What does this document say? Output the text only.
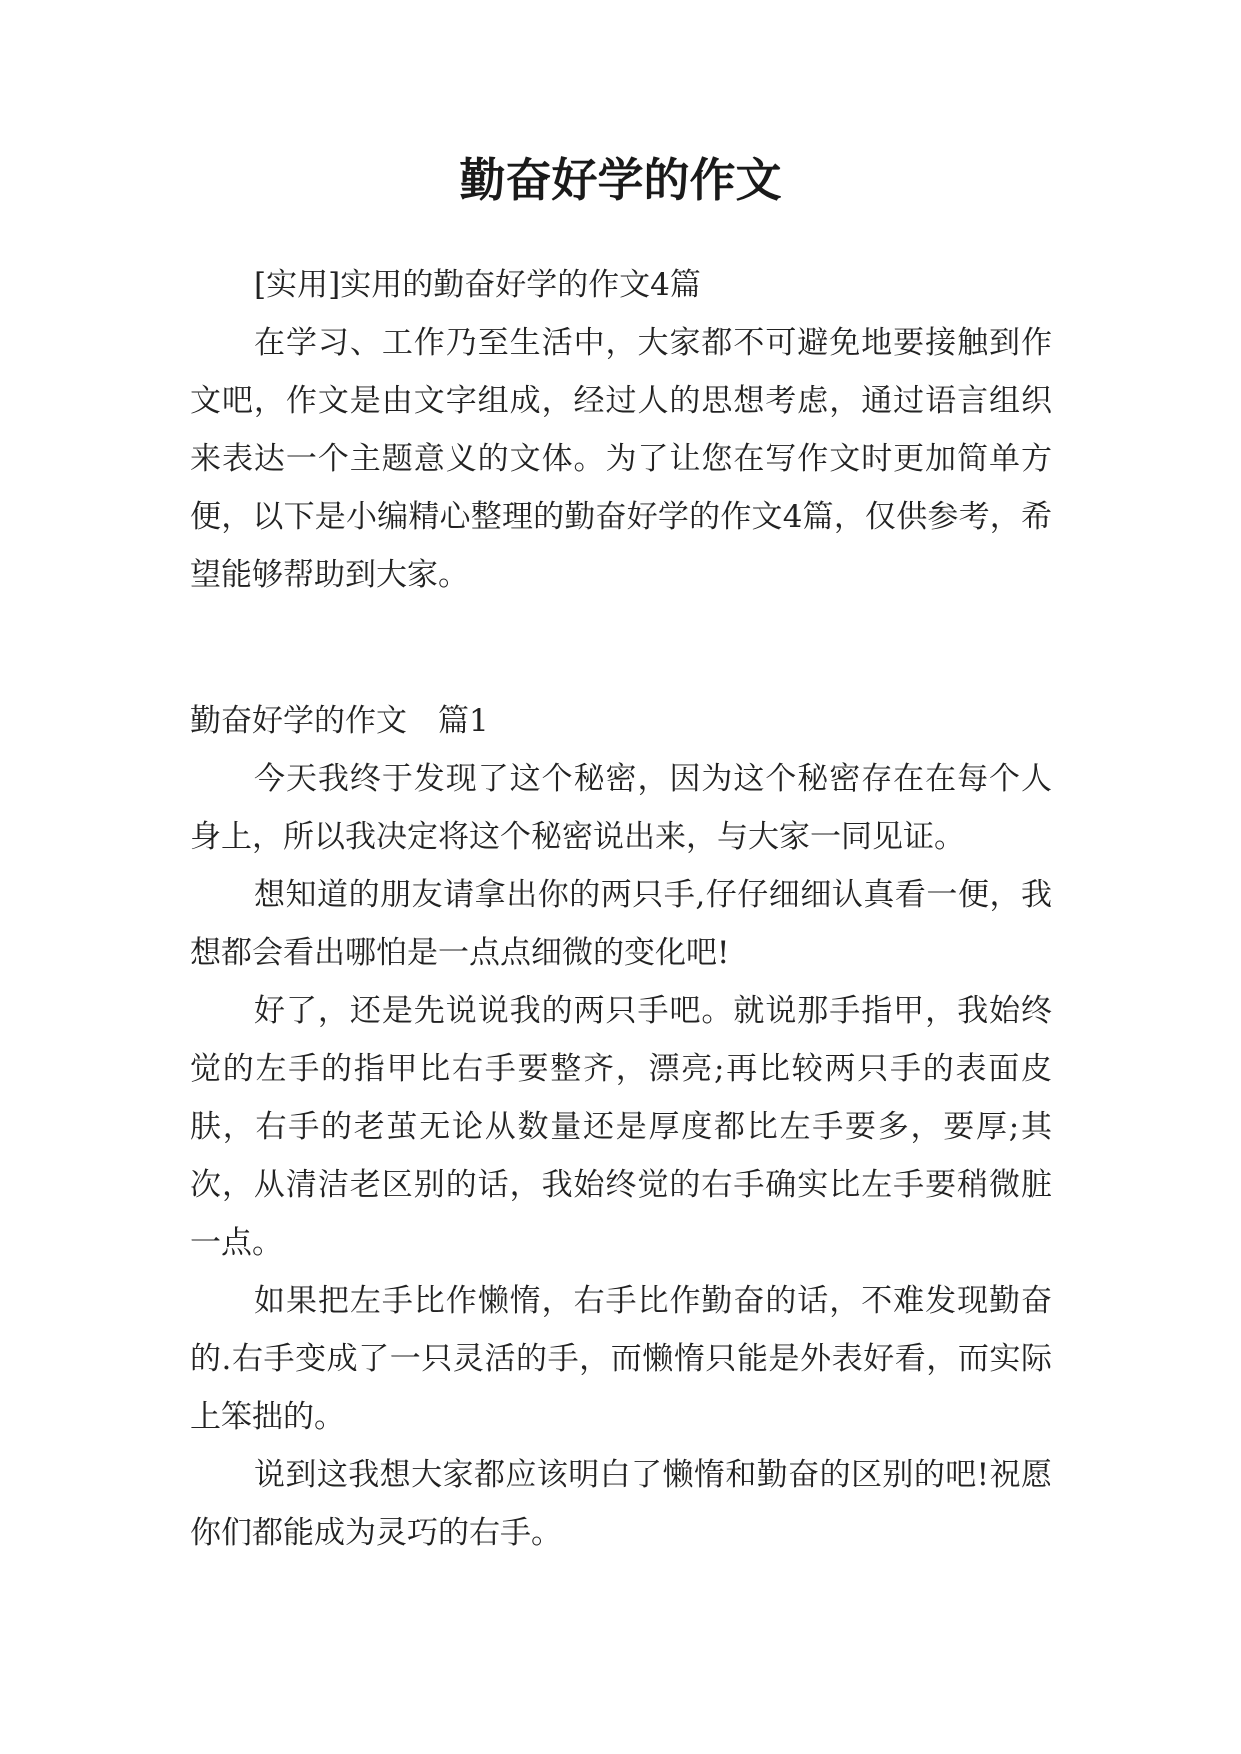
勤奋好学的作文

[实用]实用的勤奋好学的作文4篇

在学习、工作乃至生活中，大家都不可避免地要接触到作文吧，作文是由文字组成，经过人的思想考虑，通过语言组织来表达一个主题意义的文体。为了让您在写作文时更加简单方便，以下是小编精心整理的勤奋好学的作文4篇，仅供参考，希望能够帮助到大家。

勤奋好学的作文　篇1

今天我终于发现了这个秘密，因为这个秘密存在在每个人身上，所以我决定将这个秘密说出来，与大家一同见证。

想知道的朋友请拿出你的两只手,仔仔细细认真看一便，我想都会看出哪怕是一点点细微的变化吧!

好了，还是先说说我的两只手吧。就说那手指甲，我始终觉的左手的指甲比右手要整齐，漂亮;再比较两只手的表面皮肤，右手的老茧无论从数量还是厚度都比左手要多，要厚;其次，从清洁老区别的话，我始终觉的右手确实比左手要稍微脏一点。

如果把左手比作懒惰，右手比作勤奋的话，不难发现勤奋的.右手变成了一只灵活的手，而懒惰只能是外表好看，而实际上笨拙的。

说到这我想大家都应该明白了懒惰和勤奋的区别的吧!祝愿你们都能成为灵巧的右手。
